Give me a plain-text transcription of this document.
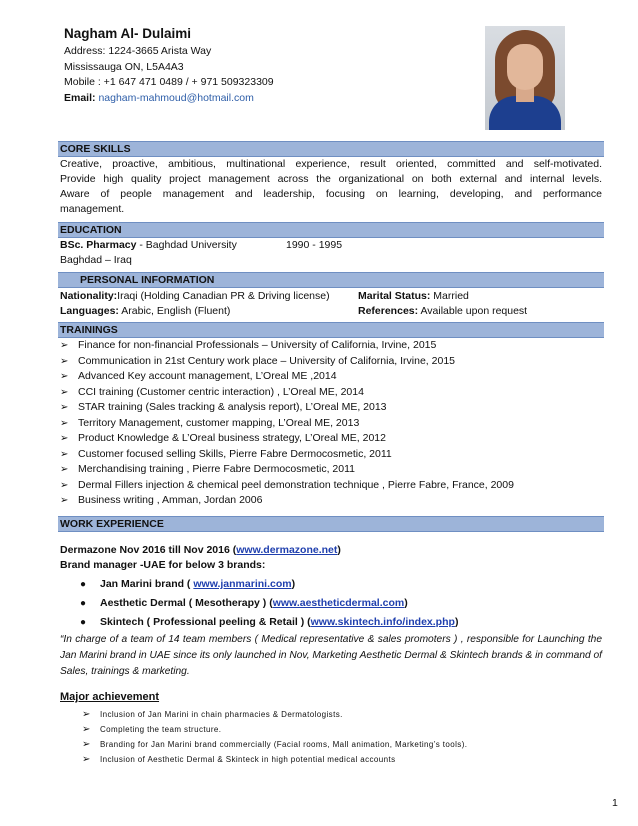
Nagham Al- Dulaimi
Address: 1224-3665 Arista Way
Mississauga ON, L5A4A3
Mobile : +1 647 471 0489 / + 971 509323309
Email: nagham-mahmoud@hotmail.com
CORE SKILLS
Creative, proactive, ambitious, multinational experience, result oriented, committed and self-motivated.
Provide high quality project management across the organizational on both external and internal levels.
Aware of people management and leadership, focusing on learning, developing, and performance
management.
EDUCATION
BSc. Pharmacy - Baghdad University	1990 - 1995
Baghdad – Iraq
PERSONAL INFORMATION
Nationality:Iraqi (Holding Canadian PR & Driving license)	Marital Status: Married
Languages: Arabic, English (Fluent)	References: Available upon request
TRAININGS
➢ Finance for non-financial Professionals – University of California, Irvine, 2015
➢ Communication in 21st Century work place – University of California, Irvine, 2015
➢ Advanced Key account management, L’Oreal ME ,2014
➢ CCI training (Customer centric interaction) , L’Oreal ME, 2014
➢ STAR training (Sales tracking & analysis report), L’Oreal ME, 2013
➢ Territory Management, customer mapping, L’Oreal ME, 2013
➢ Product Knowledge & L’Oreal business strategy, L’Oreal ME, 2012
➢ Customer focused selling Skills, Pierre Fabre Dermocosmetic, 2011
➢ Merchandising training , Pierre Fabre Dermocosmetic, 2011
➢ Dermal Fillers injection & chemical peel demonstration technique , Pierre Fabre, France, 2009
➢ Business writing , Amman, Jordan 2006
WORK EXPERIENCE
Dermazone Nov 2016 till Nov 2016 (www.dermazone.net)
Brand manager -UAE for below 3 brands:
● Jan Marini brand ( www.janmarini.com)
● Aesthetic Dermal ( Mesotherapy ) (www.aestheticdermal.com)
● Skintech ( Professional peeling & Retail ) (www.skintech.info/index.php)
“In charge of a team of 14 team members ( Medical representative & sales promoters ) , responsible for Launching the Jan Marini brand in UAE since its only launched in Nov, Marketing Aesthetic Dermal & Skintech brands & in command of Sales, trainings & marketing.
Major achievement
➢ Inclusion of Jan Marini in chain pharmacies & Dermatologists.
➢ Completing the team structure.
➢ Branding for Jan Marini brand commercially (Facial rooms, Mall animation, Marketing’s tools).
➢ Inclusion of Aesthetic Dermal & Skinteck in high potential medical accounts
1
